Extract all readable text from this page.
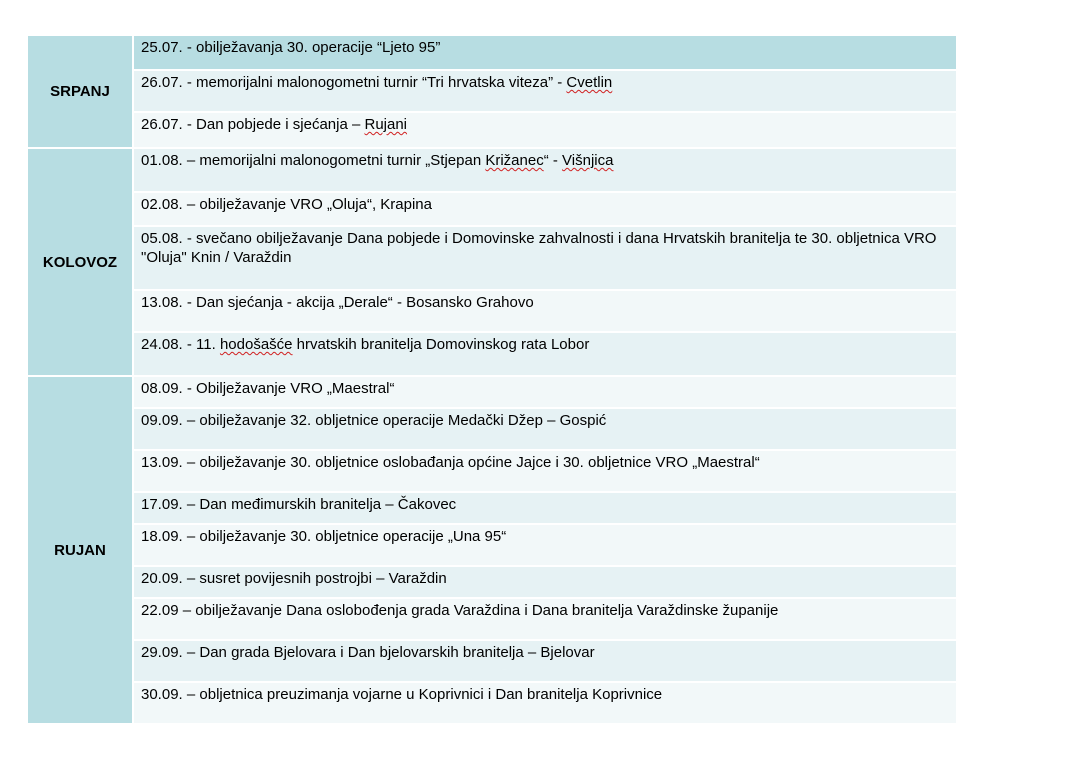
SRPANJ	25.07. - obilježavanja 30. operacije “Ljeto 95”
	26.07. - memorijalni malonogometni turnir “Tri hrvatska viteza” - Cvetlin
	26.07. - Dan pobjede i sjećanja – Rujani
KOLOVOZ	01.08. – memorijalni malonogometni turnir „Stjepan Križanec“ - Višnjica
	02.08. – obilježavanje VRO „Oluja“, Krapina
	05.08. - svečano obilježavanje Dana pobjede i Domovinske zahvalnosti i dana Hrvatskih branitelja te 30. obljetnica VRO "Oluja" Knin / Varaždin
	13.08. - Dan sjećanja - akcija „Derale“ - Bosansko Grahovo
	24.08. - 11. hodošašće hrvatskih branitelja Domovinskog rata Lobor
RUJAN	08.09. - Obilježavanje VRO „Maestral“
	09.09. – obilježavanje 32. obljetnice operacije Medački Džep – Gospić
	13.09. – obilježavanje 30. obljetnice oslobađanja općine Jajce i 30. obljetnice VRO „Maestral“
	17.09. – Dan međimurskih branitelja – Čakovec
	18.09. – obilježavanje 30. obljetnice operacije „Una 95“
	20.09. – susret povijesnih postrojbi – Varaždin
	22.09 – obilježavanje Dana oslobođenja grada Varaždina i Dana branitelja Varaždinske županije
	29.09. – Dan grada Bjelovara i Dan bjelovarskih branitelja – Bjelovar
	30.09. – obljetnica preuzimanja vojarne u Koprivnici i Dan branitelja Koprivnice
